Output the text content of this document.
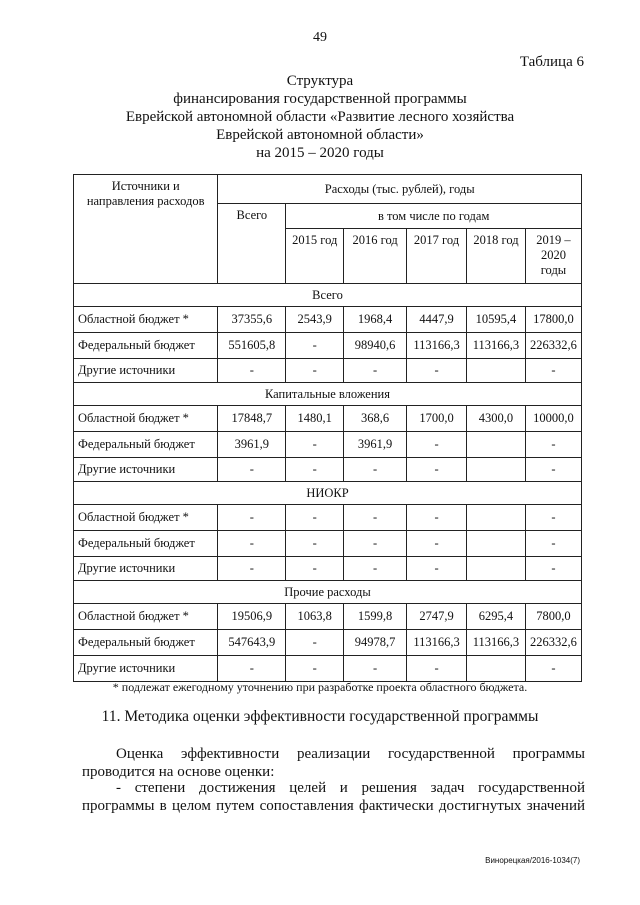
49
Таблица 6
Структура
финансирования государственной программы
Еврейской автономной области «Развитие лесного хозяйства
Еврейской автономной области»
на 2015 – 2020 годы
Источники и направления расходов	Расходы (тыс. рублей), годы					
	Всего	в том числе по годам				
		2015 год	2016 год	2017 год	2018 год	2019 – 2020 годы
Всего						
Областной бюджет *	37355,6	2543,9	1968,4	4447,9	10595,4	17800,0
Федеральный бюджет	551605,8	-	98940,6	113166,3	113166,3	226332,6
Другие источники	-	-	-	-		-
Капитальные вложения						
Областной бюджет *	17848,7	1480,1	368,6	1700,0	4300,0	10000,0
Федеральный бюджет	3961,9	-	3961,9	-		-
Другие источники	-	-	-	-		-
НИОКР						
Областной бюджет *	-	-	-	-		-
Федеральный бюджет	-	-	-	-		-
Другие источники	-	-	-	-		-
Прочие расходы						
Областной бюджет *	19506,9	1063,8	1599,8	2747,9	6295,4	7800,0
Федеральный бюджет	547643,9	-	94978,7	113166,3	113166,3	226332,6
Другие источники	-	-	-	-		-
* подлежат ежегодному уточнению при разработке проекта областного бюджета.
11. Методика оценки эффективности государственной программы
Оценка эффективности реализации государственной программы
проводится на основе оценки:
- степени достижения целей и решения задач государственной
программы в целом путем сопоставления фактически достигнутых значений
Винорецкая/2016-1034(7)
